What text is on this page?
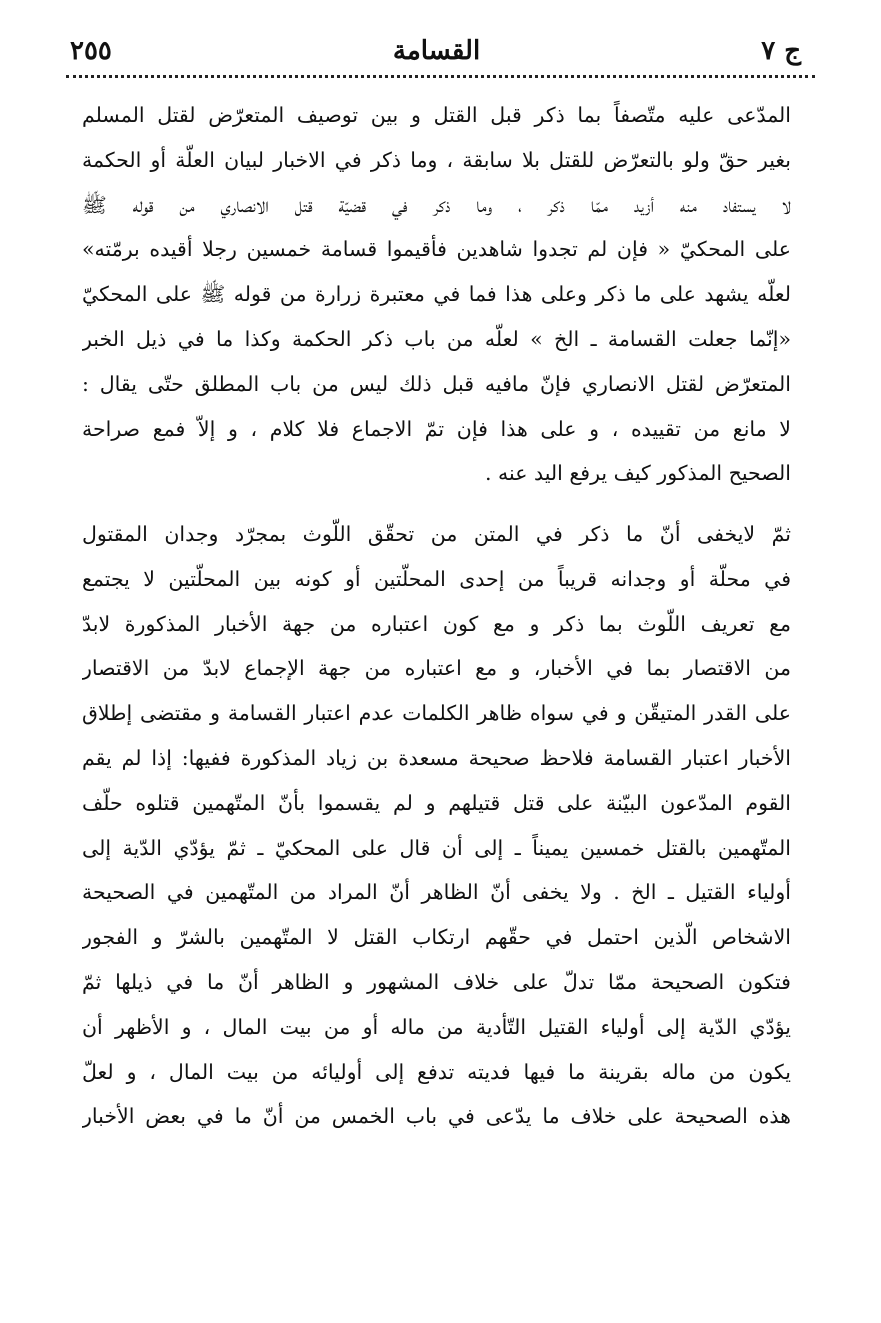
ج ٧
القسامة
٢٥٥
المدّعى عليه متّصفاً بما ذكر قبل القتل و بين توصيف المتعرّض لقتل المسلم
بغير حقّ ولو بالتعرّض للقتل بلا سابقة ، وما ذكر في الاخبار لبيان العلّة أو الحكمة
لا يستفاد منه أزيد ممّا ذكر ، وما ذكر في قضيّة قتل الانصاري من قوله ﷺ
على المحكيّ « فإن لم تجدوا شاهدين فأقيموا قسامة خمسين رجلا أقيده برمّته»
لعلّه يشهد على ما ذكر وعلى هذا فما في معتبرة زرارة من قوله ﷺ على المحكيّ
«إنّما جعلت القسامة ـ الخ » لعلّه من باب ذكر الحكمة وكذا ما في ذيل الخبر
المتعرّض لقتل الانصاري فإنّ مافيه قبل ذلك ليس من باب المطلق حتّى يقال :
لا مانع من تقييده ، و على هذا فإن تمّ الاجماع فلا كلام ، و إلاّ فمع صراحة
الصحيح المذكور كيف يرفع اليد عنه .
ثمّ لايخفى أنّ ما ذكر في المتن من تحقّق اللّوث بمجرّد وجدان المقتول
في محلّة أو وجدانه قريباً من إحدى المحلّتين أو كونه بين المحلّتين لا يجتمع
مع تعريف اللّوث بما ذكر و مع كون اعتباره من جهة الأخبار المذكورة لابدّ
من الاقتصار بما في الأخبار، و مع اعتباره من جهة الإجماع لابدّ من الاقتصار
على القدر المتيقّن و في سواه ظاهر الكلمات عدم اعتبار القسامة و مقتضى إطلاق
الأخبار اعتبار القسامة فلاحظ صحيحة مسعدة بن زياد المذكورة ففيها: إذا لم يقم
القوم المدّعون البيّنة على قتل قتيلهم و لم يقسموا بأنّ المتّهمين قتلوه حلّف
المتّهمين بالقتل خمسين يميناً ـ إلى أن قال على المحكيّ ـ ثمّ يؤدّي الدّية إلى
أولياء القتيل ـ الخ . ولا يخفى أنّ الظاهر أنّ المراد من المتّهمين في الصحيحة
الاشخاص الّذين احتمل في حقّهم ارتكاب القتل لا المتّهمين بالشرّ و الفجور
فتكون الصحيحة ممّا تدلّ على خلاف المشهور و الظاهر أنّ ما في ذيلها ثمّ
يؤدّي الدّية إلى أولياء القتيل التّأدية من ماله أو من بيت المال ، و الأظهر أن
يكون من ماله بقرينة ما فيها فديته تدفع إلى أوليائه من بيت المال ، و لعلّ
هذه الصحيحة على خلاف ما يدّعى في باب الخمس من أنّ ما في بعض الأخبار
